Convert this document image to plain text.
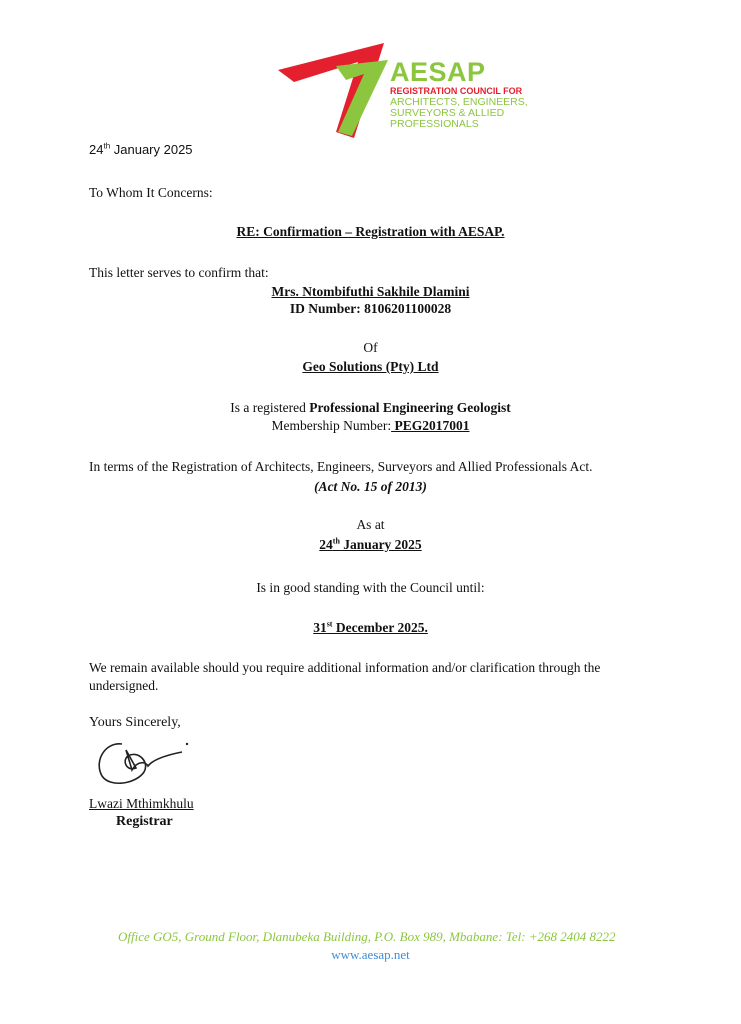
AESAP
REGISTRATION COUNCIL FOR
ARCHITECTS, ENGINEERS,
SURVEYORS & ALLIED
PROFESSIONALS
24th January 2025
To Whom It Concerns:
RE: Confirmation – Registration with AESAP.
This letter serves to confirm that:
Mrs. Ntombifuthi Sakhile Dlamini
ID Number: 8106201100028
Of
Geo Solutions (Pty) Ltd
Is a registered Professional Engineering Geologist
Membership Number: PEG2017001
In terms of the Registration of Architects, Engineers, Surveyors and Allied Professionals Act.
(Act No. 15 of 2013)
As at
24th January 2025
Is in good standing with the Council until:
31st December 2025.
We remain available should you require additional information and/or clarification through the
undersigned.
Yours Sincerely,
Lwazi Mthimkhulu
Registrar
Office GO5, Ground Floor, Dlanubeka Building, P.O. Box 989, Mbabane: Tel: +268 2404 8222
www.aesap.net
